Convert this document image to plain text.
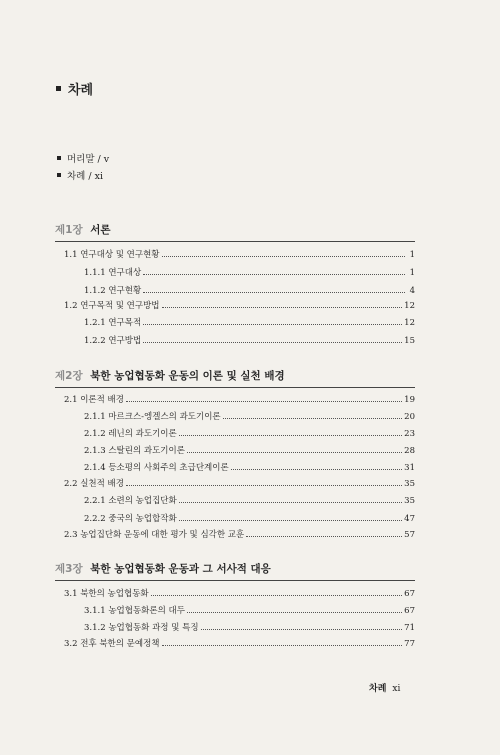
차례
머리말 / v
차례 / xi
제1장 서론
1.1 연구대상 및 연구현황	1
1.1.1 연구대상	1
1.1.2 연구현황	4
1.2 연구목적 및 연구방법	12
1.2.1 연구목적	12
1.2.2 연구방법	15
제2장 북한 농업협동화 운동의 이론 및 실천 배경
2.1 이론적 배경	19
2.1.1 마르크스-엥겔스의 과도기이론	20
2.1.2 레닌의 과도기이론	23
2.1.3 스탈린의 과도기이론	28
2.1.4 등소평의 사회주의 초급단계이론	31
2.2 실천적 배경	35
2.2.1 소련의 농업집단화	35
2.2.2 중국의 농업합작화	47
2.3 농업집단화 운동에 대한 평가 및 심각한 교훈	57
제3장 북한 농업협동화 운동과 그 서사적 대응
3.1 북한의 농업협동화	67
3.1.1 농업협동화론의 대두	67
3.1.2 농업협동화 과정 및 특징	71
3.2 전후 북한의 문예정책	77
차례 xi
